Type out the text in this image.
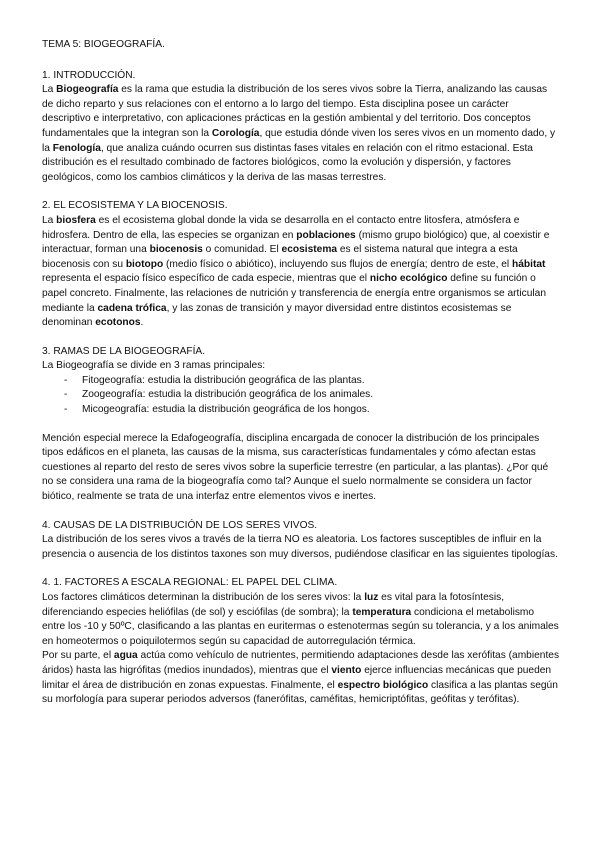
TEMA 5: BIOGEOGRAFÍA.
1. INTRODUCCIÓN.

La Biogeografía es la rama que estudia la distribución de los seres vivos sobre la Tierra, analizando las causas de dicho reparto y sus relaciones con el entorno a lo largo del tiempo. Esta disciplina posee un carácter descriptivo e interpretativo, con aplicaciones prácticas en la gestión ambiental y del territorio. Dos conceptos fundamentales que la integran son la Corología, que estudia dónde viven los seres vivos en un momento dado, y la Fenología, que analiza cuándo ocurren sus distintas fases vitales en relación con el ritmo estacional. Esta distribución es el resultado combinado de factores biológicos, como la evolución y dispersión, y factores geológicos, como los cambios climáticos y la deriva de las masas terrestres.

2. EL ECOSISTEMA Y LA BIOCENOSIS.

La biosfera es el ecosistema global donde la vida se desarrolla en el contacto entre litosfera, atmósfera e hidrosfera. Dentro de ella, las especies se organizan en poblaciones (mismo grupo biológico) que, al coexistir e interactuar, forman una biocenosis o comunidad. El ecosistema es el sistema natural que integra a esta biocenosis con su biotopo (medio físico o abiótico), incluyendo sus flujos de energía; dentro de este, el hábitat representa el espacio físico específico de cada especie, mientras que el nicho ecológico define su función o papel concreto. Finalmente, las relaciones de nutrición y transferencia de energía entre organismos se articulan mediante la cadena trófica, y las zonas de transición y mayor diversidad entre distintos ecosistemas se denominan ecotonos.

3. RAMAS DE LA BIOGEOGRAFÍA.

La Biogeografía se divide en 3 ramas principales:

- Fitogeografía: estudia la distribución geográfica de las plantas.
- Zoogeografía: estudia la distribución geográfica de los animales.
- Micogeografía: estudia la distribución geográfica de los hongos.

Mención especial merece la Edafogeografía, disciplina encargada de conocer la distribución de los principales tipos edáficos en el planeta, las causas de la misma, sus características fundamentales y cómo afectan estas cuestiones al reparto del resto de seres vivos sobre la superficie terrestre (en particular, a las plantas). ¿Por qué no se considera una rama de la biogeografía como tal? Aunque el suelo normalmente se considera un factor biótico, realmente se trata de una interfaz entre elementos vivos e inertes.

4. CAUSAS DE LA DISTRIBUCIÓN DE LOS SERES VIVOS.

La distribución de los seres vivos a través de la tierra NO es aleatoria. Los factores susceptibles de influir en la presencia o ausencia de los distintos taxones son muy diversos, pudiéndose clasificar en las siguientes tipologías.

4. 1. FACTORES A ESCALA REGIONAL: EL PAPEL DEL CLIMA.

Los factores climáticos determinan la distribución de los seres vivos: la luz es vital para la fotosíntesis, diferenciando especies heliófilas (de sol) y esciófilas (de sombra); la temperatura condiciona el metabolismo entre los -10 y 50ºC, clasificando a las plantas en euritermas o estenotermas según su tolerancia, y a los animales en homeotermos o poiquilotermos según su capacidad de autorregulación térmica.

Por su parte, el agua actúa como vehículo de nutrientes, permitiendo adaptaciones desde las xerófitas (ambientes áridos) hasta las higrófitas (medios inundados), mientras que el viento ejerce influencias mecánicas que pueden limitar el área de distribución en zonas expuestas. Finalmente, el espectro biológico clasifica a las plantas según su morfología para superar periodos adversos (fanerófitas, caméfitas, hemicriptófitas, geófitas y terófitas).
